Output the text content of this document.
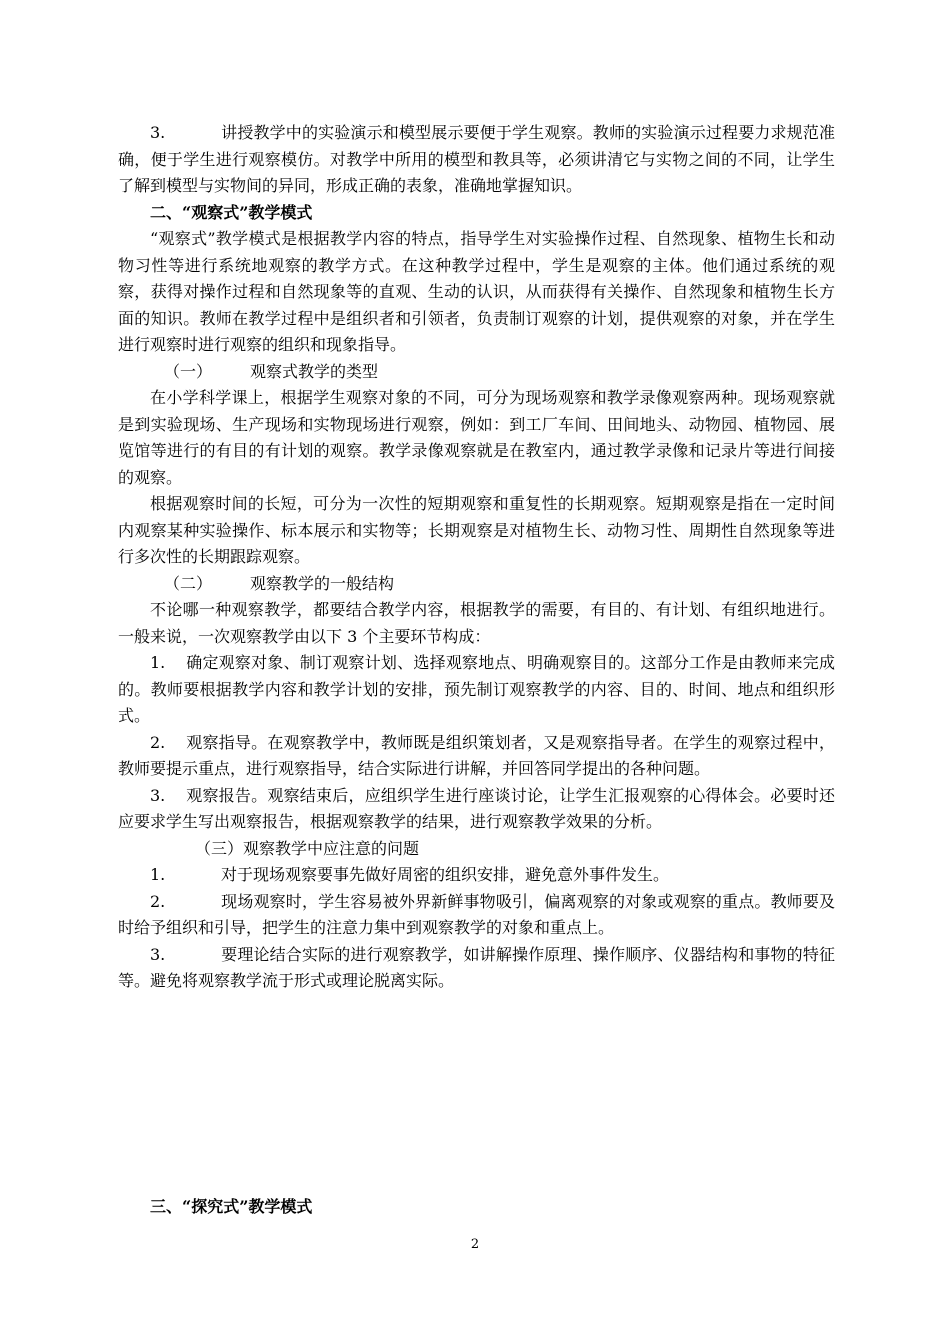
3.	讲授教学中的实验演示和模型展示要便于学生观察。教师的实验演示过程要力求规范准确，便于学生进行观察模仿。对教学中所用的模型和教具等，必须讲清它与实物之间的不同，让学生了解到模型与实物间的异同，形成正确的表象，准确地掌握知识。

二、“观察式”教学模式

“观察式”教学模式是根据教学内容的特点，指导学生对实验操作过程、自然现象、植物生长和动物习性等进行系统地观察的教学方式。在这种教学过程中，学生是观察的主体。他们通过系统的观察，获得对操作过程和自然现象等的直观、生动的认识，从而获得有关操作、自然现象和植物生长方面的知识。教师在教学过程中是组织者和引领者，负责制订观察的计划，提供观察的对象，并在学生进行观察时进行观察的组织和现象指导。

（一） 观察式教学的类型

在小学科学课上，根据学生观察对象的不同，可分为现场观察和教学录像观察两种。现场观察就是到实验现场、生产现场和实物现场进行观察，例如：到工厂车间、田间地头、动物园、植物园、展览馆等进行的有目的有计划的观察。教学录像观察就是在教室内，通过教学录像和记录片等进行间接的观察。

根据观察时间的长短，可分为一次性的短期观察和重复性的长期观察。短期观察是指在一定时间内观察某种实验操作、标本展示和实物等；长期观察是对植物生长、动物习性、周期性自然现象等进行多次性的长期跟踪观察。

（二） 观察教学的一般结构

不论哪一种观察教学，都要结合教学内容，根据教学的需要，有目的、有计划、有组织地进行。一般来说，一次观察教学由以下 3 个主要环节构成：

1. 确定观察对象、制订观察计划、选择观察地点、明确观察目的。这部分工作是由教师来完成的。教师要根据教学内容和教学计划的安排，预先制订观察教学的内容、目的、时间、地点和组织形式。

2. 观察指导。在观察教学中，教师既是组织策划者，又是观察指导者。在学生的观察过程中，教师要提示重点，进行观察指导，结合实际进行讲解，并回答同学提出的各种问题。

3. 观察报告。观察结束后，应组织学生进行座谈讨论，让学生汇报观察的心得体会。必要时还应要求学生写出观察报告，根据观察教学的结果，进行观察教学效果的分析。

（三）观察教学中应注意的问题

1.	对于现场观察要事先做好周密的组织安排，避免意外事件发生。

2.	现场观察时，学生容易被外界新鲜事物吸引，偏离观察的对象或观察的重点。教师要及时给予组织和引导，把学生的注意力集中到观察教学的对象和重点上。

3.	要理论结合实际的进行观察教学，如讲解操作原理、操作顺序、仪器结构和事物的特征等。避免将观察教学流于形式或理论脱离实际。

三、“探究式”教学模式
2
